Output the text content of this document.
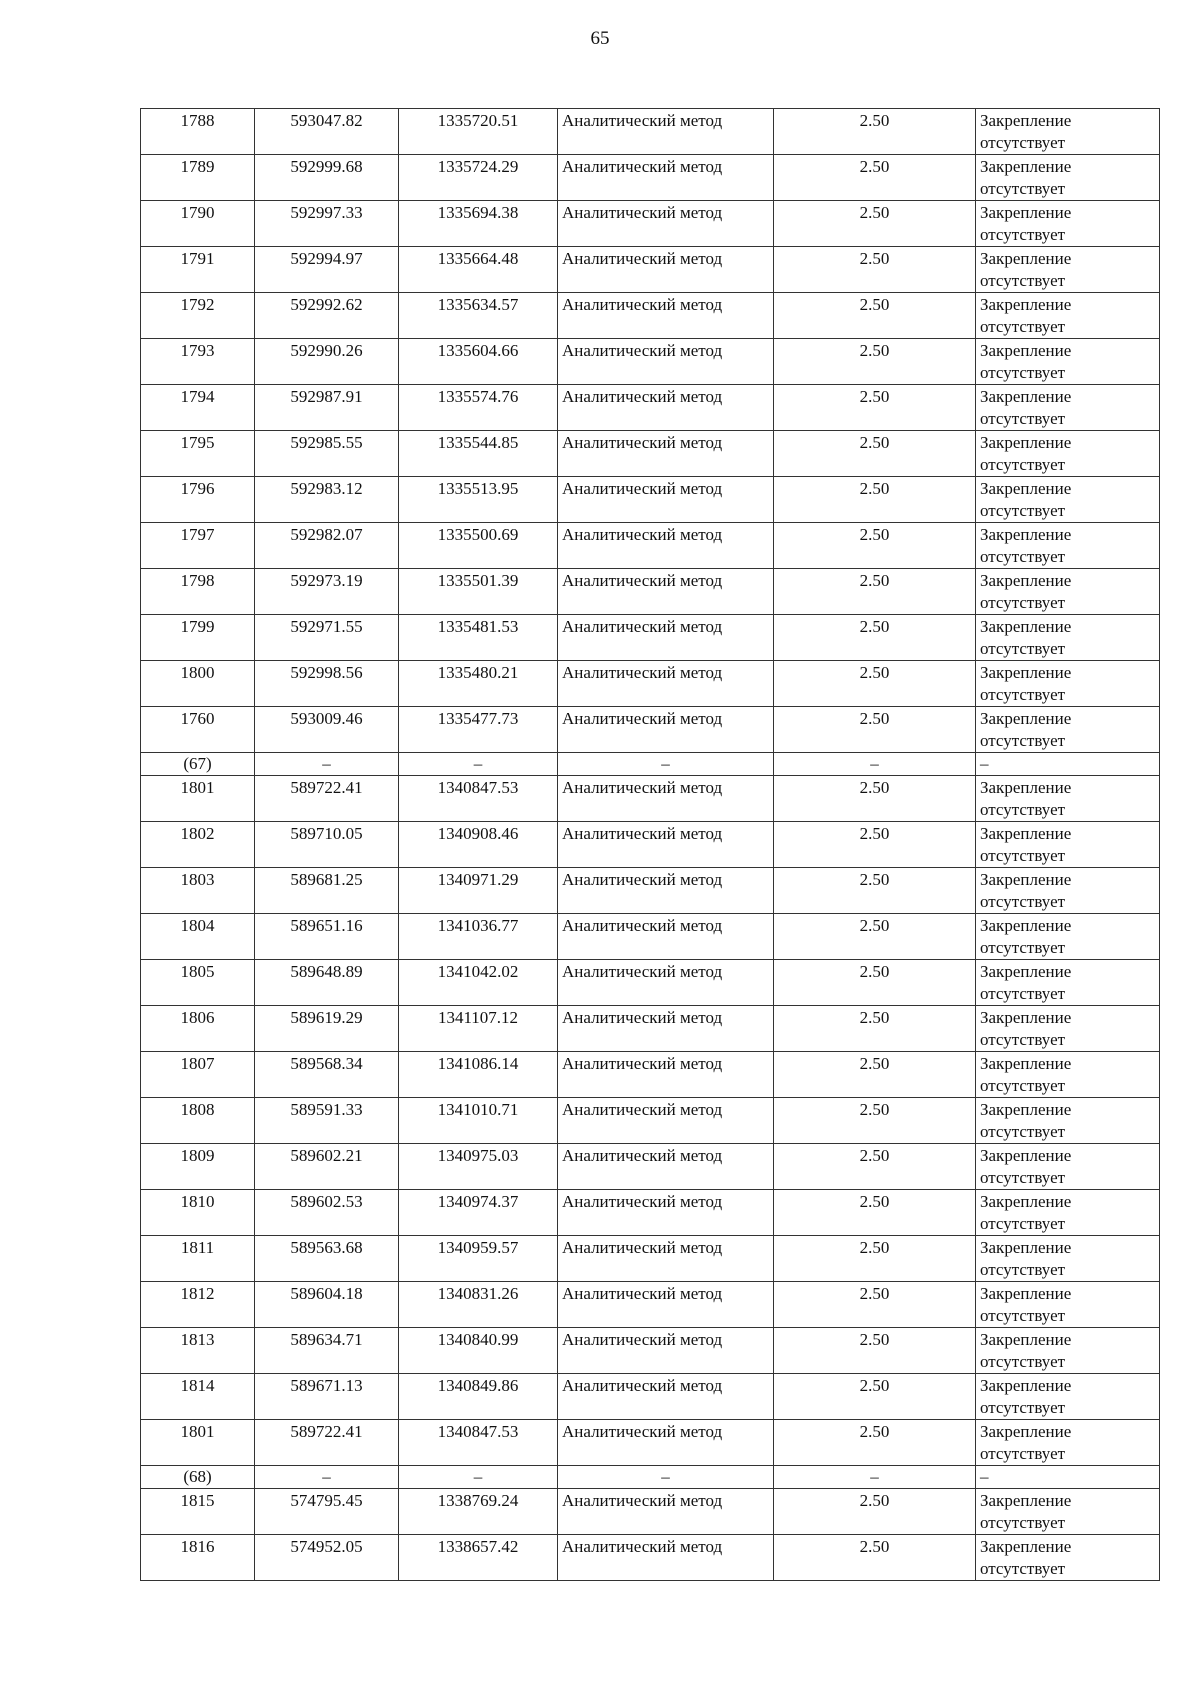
65
1788	593047.82	1335720.51	Аналитический метод	2.50	Закрепление отсутствует
1789	592999.68	1335724.29	Аналитический метод	2.50	Закрепление отсутствует
1790	592997.33	1335694.38	Аналитический метод	2.50	Закрепление отсутствует
1791	592994.97	1335664.48	Аналитический метод	2.50	Закрепление отсутствует
1792	592992.62	1335634.57	Аналитический метод	2.50	Закрепление отсутствует
1793	592990.26	1335604.66	Аналитический метод	2.50	Закрепление отсутствует
1794	592987.91	1335574.76	Аналитический метод	2.50	Закрепление отсутствует
1795	592985.55	1335544.85	Аналитический метод	2.50	Закрепление отсутствует
1796	592983.12	1335513.95	Аналитический метод	2.50	Закрепление отсутствует
1797	592982.07	1335500.69	Аналитический метод	2.50	Закрепление отсутствует
1798	592973.19	1335501.39	Аналитический метод	2.50	Закрепление отсутствует
1799	592971.55	1335481.53	Аналитический метод	2.50	Закрепление отсутствует
1800	592998.56	1335480.21	Аналитический метод	2.50	Закрепление отсутствует
1760	593009.46	1335477.73	Аналитический метод	2.50	Закрепление отсутствует
(67)	–	–	–	–	–
1801	589722.41	1340847.53	Аналитический метод	2.50	Закрепление отсутствует
1802	589710.05	1340908.46	Аналитический метод	2.50	Закрепление отсутствует
1803	589681.25	1340971.29	Аналитический метод	2.50	Закрепление отсутствует
1804	589651.16	1341036.77	Аналитический метод	2.50	Закрепление отсутствует
1805	589648.89	1341042.02	Аналитический метод	2.50	Закрепление отсутствует
1806	589619.29	1341107.12	Аналитический метод	2.50	Закрепление отсутствует
1807	589568.34	1341086.14	Аналитический метод	2.50	Закрепление отсутствует
1808	589591.33	1341010.71	Аналитический метод	2.50	Закрепление отсутствует
1809	589602.21	1340975.03	Аналитический метод	2.50	Закрепление отсутствует
1810	589602.53	1340974.37	Аналитический метод	2.50	Закрепление отсутствует
1811	589563.68	1340959.57	Аналитический метод	2.50	Закрепление отсутствует
1812	589604.18	1340831.26	Аналитический метод	2.50	Закрепление отсутствует
1813	589634.71	1340840.99	Аналитический метод	2.50	Закрепление отсутствует
1814	589671.13	1340849.86	Аналитический метод	2.50	Закрепление отсутствует
1801	589722.41	1340847.53	Аналитический метод	2.50	Закрепление отсутствует
(68)	–	–	–	–	–
1815	574795.45	1338769.24	Аналитический метод	2.50	Закрепление отсутствует
1816	574952.05	1338657.42	Аналитический метод	2.50	Закрепление отсутствует
